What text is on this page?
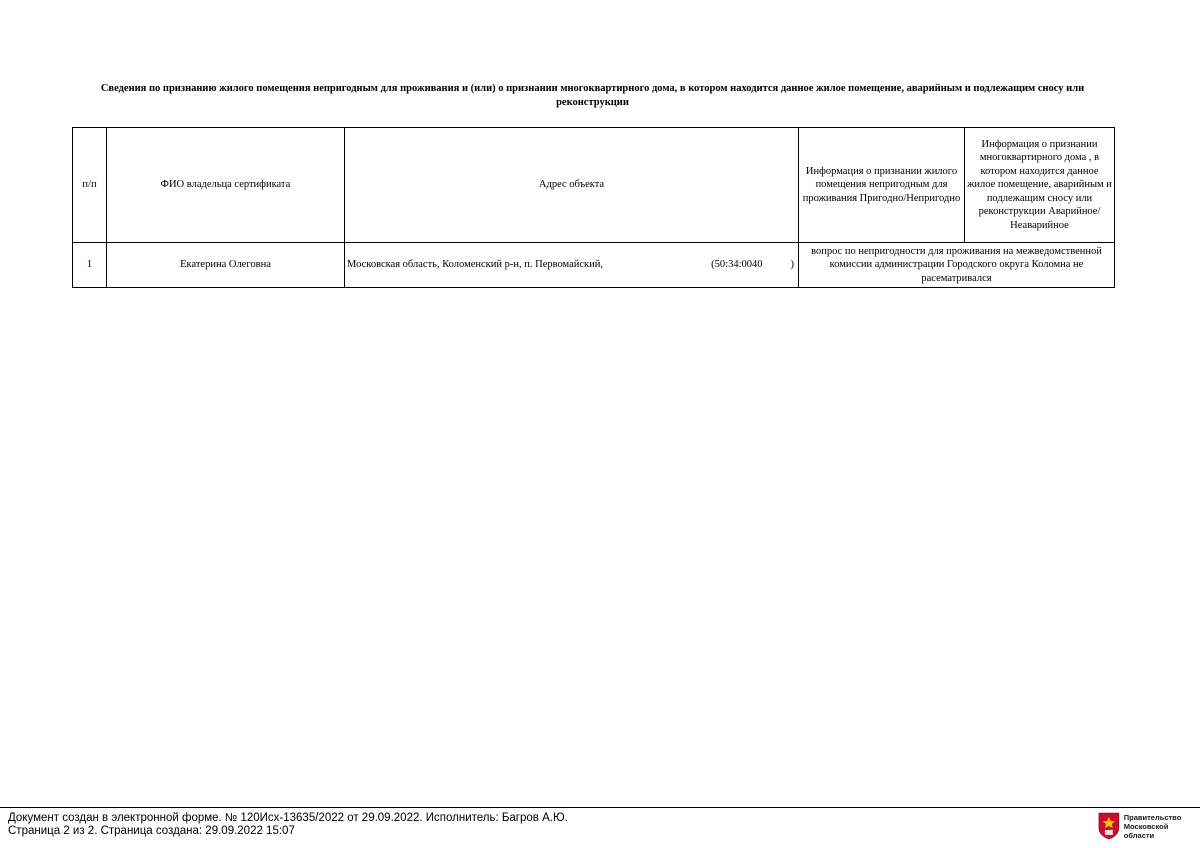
Сведения по признанию жилого помещения непригодным для проживания и (или) о признании многоквартирного дома, в котором находится данное жилое помещение, аварийным и подлежащим сносу или
реконструкции
п/п	ФИО владельца сертификата	Адрес объекта	Информация о признании жилого помещения непригодным для проживания Пригодно/Непригодно	Информация о признании многоквартирного дома , в котором находится данное жилое помещение, аварийным и подлежащим сносу или реконструкции Аварийное/Неаварийное
1	Екатерина Олеговна	Московская область, Коломенский р-н, п. Первомайский, (50:34:0040 )	вопрос по непригодности для проживания на межведомственной комиссии администрации Городского округа Коломна не расематривался	
Документ создан в электронной форме. № 120Исх-13635/2022 от 29.09.2022. Исполнитель: Багров А.Ю.
Страница 2 из 2. Страница создана: 29.09.2022 15:07
Правительство
Московской области
